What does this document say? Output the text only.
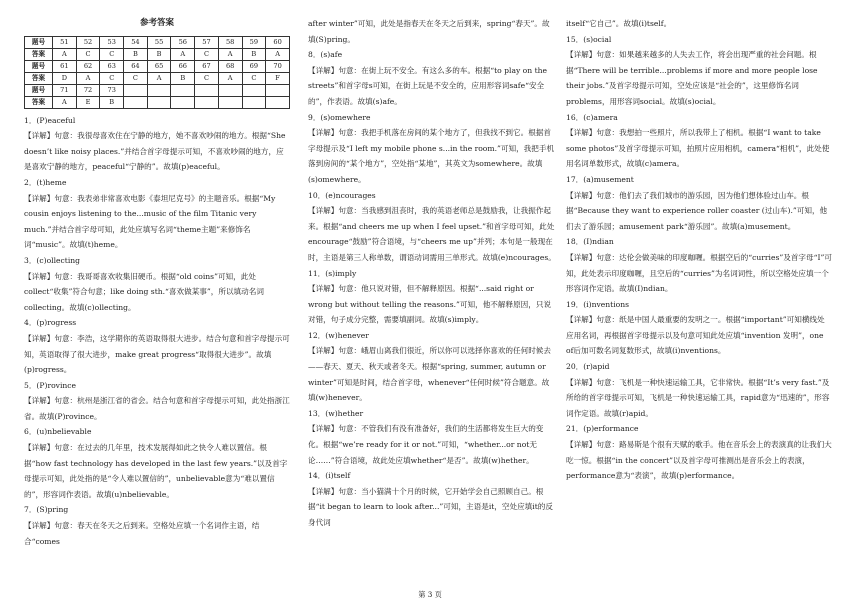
参考答案
题号	51	52	53	54	55	56	57	58	59	60
答案	A	C	C	B	B	A	C	A	B	A
题号	61	62	63	64	65	66	67	68	69	70
答案	D	A	C	C	A	B	C	A	C	F
题号	71	72	73							
答案	A	E	B							

1．(P)eaceful

【详解】句意：我很母喜欢住在宁静的地方，她不喜欢吵闹的地方。根据“She doesn’t like noisy places.”并结合首字母提示可知，不喜欢吵闹的地方，应是喜欢宁静的地方，peaceful“宁静的”。故填(p)eaceful。

2．(t)heme

【详解】句意：我表弟非常喜欢电影《泰坦尼克号》的主题音乐。根据“My cousin enjoys listening to the...music of the film Titanic very much.”并结合首字母可知，此处应填写名词“theme主题”来修饰名词“music”。故填(t)heme。

3．(c)ollecting

【详解】句意：我哥哥喜欢收集旧硬币。根据“old coins”可知，此处collect“收集”符合句意；like doing sth.“喜欢做某事”，所以填动名词collecting。故填(c)ollecting。

4．(p)rogress

【详解】句意：李浩，这学期你的英语取得很大进步。结合句意和首字母提示可知，英语取得了很大进步，make great progress“取得很大进步”。故填(p)rogress。

5．(P)rovince

【详解】句意：杭州是浙江省的省会。结合句意和首字母提示可知，此处指浙江省。故填(P)rovince。

6．(u)nbelievable

【详解】句意：在过去的几年里，技术发展得如此之快令人难以置信。根据“how fast technology has developed in the last few years.”以及首字母提示可知，此处指的是“令人难以置信的”，unbelievable意为“难以置信的”，形容词作表语。故填(u)nbelievable。

7．(S)pring

【详解】句意：春天在冬天之后到来。空格处应填一个名词作主语，结合“comes

after winter”可知，此处是指春天在冬天之后到来，spring“春天”。故填(S)pring。

8．(s)afe

【详解】句意：在街上玩不安全。有这么多的车。根据“to play on the streets”和首字母s可知，在街上玩是不安全的，应用形容词safe“安全的”，作表语。故填(s)afe。

9．(s)omewhere

【详解】句意：我把手机落在房间的某个地方了，但我找不到它。根据首字母提示及“I left my mobile phone s...in the room.”可知，我把手机落到房间的“某个地方”，空处指“某地”，其英文为somewhere。故填(s)omewhere。

10．(e)ncourages

【详解】句意：当我感到沮丧时，我的英语老师总是鼓励我，让我振作起来。根据“and cheers me up when I feel upset.”和首字母可知，此处encourage“鼓励”符合语境，与“cheers me up”并列；本句是一般现在时，主语是第三人称单数，谓语动词需用三单形式。故填(e)ncourages。

11．(s)imply

【详解】句意：他只说对错，但不解释原因。根据“...said right or wrong but without telling the reasons.”可知，他不解释原因，只说对错，句子成分完整，需要填副词。故填(s)imply。

12．(w)henever

【详解】句意：峨眉山离我们很近，所以你可以选择你喜欢的任何时候去——春天、夏天、秋天或者冬天。根据“spring, summer, autumn or winter”可知是时间，结合首字母，whenever“任何时候”符合题意。故填(w)henever。

13．(w)hether

【详解】句意：不管我们有没有准备好，我们的生活都将发生巨大的变化。根据“we’re ready for it or not.”可知，“whether...or not无论……”符合语境，故此处应填whether“是否”。故填(w)hether。

14．(i)tself

【详解】句意：当小猫满十个月的时候，它开始学会自己照顾自己。根据“it began to learn to look after...”可知，主语是it，空处应填it的反身代词

itself“它自己”。故填(i)tself。

15．(s)ocial

【详解】句意：如果越来越多的人失去工作，将会出现严重的社会问题。根据“There will be terrible...problems if more and more people lose their jobs.”及首字母提示可知，空处应该是“社会的”，这里修饰名词problems，用形容词social。故填(s)ocial。

16．(c)amera

【详解】句意：我想拍一些照片，所以我带上了相机。根据“I want to take some photos”及首字母提示可知，拍照片应用相机，camera“相机”，此处使用名词单数形式，故填(c)amera。

17．(a)musement

【详解】句意：他们去了我们城市的游乐园，因为他们想体验过山车。根据“Because they want to experience roller coaster (过山车).”可知，他们去了游乐园；amusement park“游乐园”。故填(a)musement。

18．(I)ndian

【详解】句意：达伦会做美味的印度咖喱。根据空后的“curries”及首字母“I”可知，此处表示印度咖喱，且空后的“curries”为名词词性，所以空格处应填一个形容词作定语。故填(I)ndian。

19．(i)nventions

【详解】句意：纸是中国人最重要的发明之一。根据“important”可知横线处应用名词，再根据首字母提示以及句意可知此处应填“invention 发明”，one of后加可数名词复数形式，故填(i)nventions。

20．(r)apid

【详解】句意：飞机是一种快速运输工具，它非常快。根据“It’s very fast.”及所给的首字母提示可知，飞机是一种快速运输工具，rapid意为“迅速的”，形容词作定语。故填(r)apid。

21．(p)erformance

【详解】句意：路易斯是个很有天赋的歌手。他在音乐会上的表演真的让我们大吃一惊。根据“in the concert”以及首字母可推测出是音乐会上的表演，performance意为“表演”，故填(p)erformance。

第 3 页
